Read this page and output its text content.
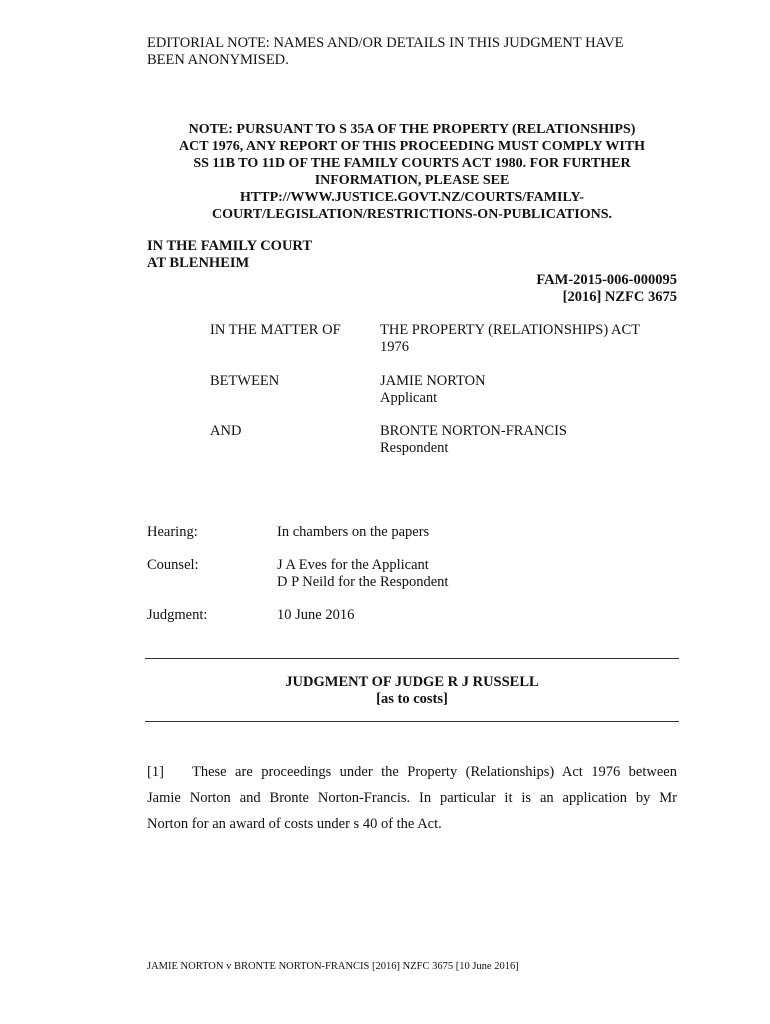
EDITORIAL NOTE: NAMES AND/OR DETAILS IN THIS JUDGMENT HAVE
BEEN ANONYMISED.
NOTE: PURSUANT TO S 35A OF THE PROPERTY (RELATIONSHIPS)
ACT 1976, ANY REPORT OF THIS PROCEEDING MUST COMPLY WITH
SS 11B TO 11D OF THE FAMILY COURTS ACT 1980. FOR FURTHER
INFORMATION, PLEASE SEE
HTTP://WWW.JUSTICE.GOVT.NZ/COURTS/FAMILY-
COURT/LEGISLATION/RESTRICTIONS-ON-PUBLICATIONS.
IN THE FAMILY COURT
AT BLENHEIM
FAM-2015-006-000095
[2016] NZFC 3675
IN THE MATTER OF	THE PROPERTY (RELATIONSHIPS) ACT
1976
BETWEEN	JAMIE NORTON
Applicant
AND	BRONTE NORTON-FRANCIS
Respondent
Hearing:	In chambers on the papers
Counsel:	J A Eves for the Applicant
D P Neild for the Respondent
Judgment:	10 June 2016
JUDGMENT OF JUDGE R J RUSSELL
[as to costs]
[1] These are proceedings under the Property (Relationships) Act 1976 between
Jamie Norton and Bronte Norton-Francis. In particular it is an application by Mr
Norton for an award of costs under s 40 of the Act.
JAMIE NORTON v BRONTE NORTON-FRANCIS [2016] NZFC 3675 [10 June 2016]
